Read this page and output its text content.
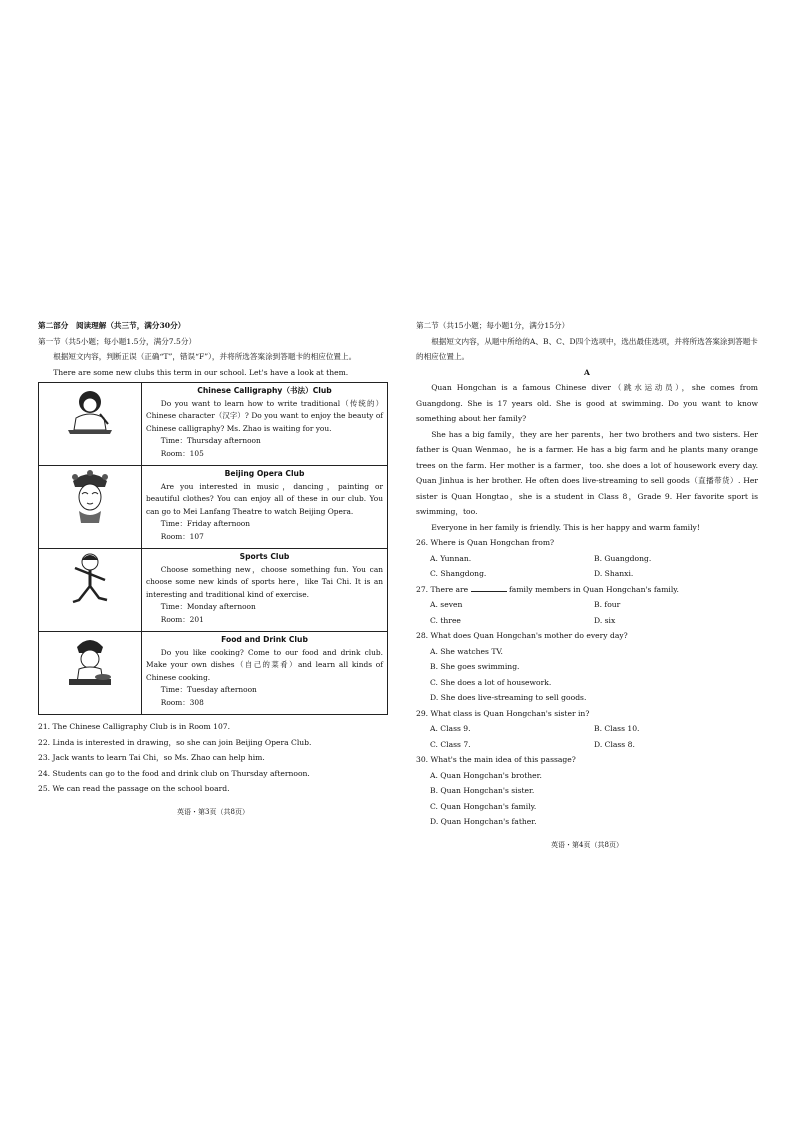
第二部分　阅读理解（共三节，满分30分）
第一节（共5小题；每小题1.5分，满分7.5分）
根据短文内容，判断正误（正确“T”，错误“F”），并将所选答案涂到答题卡的相应位置上。
There are some new clubs this term in our school. Let's have a look at them.

Chinese Calligraphy（书法）Club
Do you want to learn how to write traditional（传统的）Chinese character（汉字）? Do you want to enjoy the beauty of Chinese calligraphy? Ms. Zhao is waiting for you.
Time：Thursday afternoon
Room：105

Beijing Opera Club
Are you interested in music，dancing，painting or beautiful clothes? You can enjoy all of these in our club. You can go to Mei Lanfang Theatre to watch Beijing Opera.
Time：Friday afternoon
Room：107

Sports Club
Choose something new，choose something fun. You can choose some new kinds of sports here，like Tai Chi. It is an interesting and traditional kind of exercise.
Time：Monday afternoon
Room：201

Food and Drink Club
Do you like cooking? Come to our food and drink club. Make your own dishes（自己的菜肴）and learn all kinds of Chinese cooking.
Time：Tuesday afternoon
Room：308
21. The Chinese Calligraphy Club is in Room 107.
22. Linda is interested in drawing，so she can join Beijing Opera Club.
23. Jack wants to learn Tai Chi，so Ms. Zhao can help him.
24. Students can go to the food and drink club on Thursday afternoon.
25. We can read the passage on the school board.
英语・第3页（共8页）
第二节（共15小题；每小题1分，满分15分）
根据短文内容，从题中所给的A、B、C、D四个选项中，选出最佳选项，并将所选答案涂到答题卡的相应位置上。
A
Quan Hongchan is a famous Chinese diver（跳水运动员），she comes from Guangdong. She is 17 years old. She is good at swimming. Do you want to know something about her family?
She has a big family，they are her parents，her two brothers and two sisters. Her father is Quan Wenmao，he is a farmer. He has a big farm and he plants many orange trees on the farm. Her mother is a farmer，too. she does a lot of housework every day. Quan Jinhua is her brother. He often does live-streaming to sell goods（直播带货）. Her sister is Quan Hongtao，she is a student in Class 8，Grade 9. Her favorite sport is swimming，too.
Everyone in her family is friendly. This is her happy and warm family!
26. Where is Quan Hongchan from?
A. Yunnan.	B. Guangdong.
C. Shangdong.	D. Shanxi.
27. There are	family members in Quan Hongchan's family.
A. seven	B. four
C. three	D. six
28. What does Quan Hongchan's mother do every day?
A. She watches TV.
B. She goes swimming.
C. She does a lot of housework.
D. She does live-streaming to sell goods.
29. What class is Quan Hongchan's sister in?
A. Class 9.	B. Class 10.
C. Class 7.	D. Class 8.
30. What's the main idea of this passage?
A. Quan Hongchan's brother.
B. Quan Hongchan's sister.
C. Quan Hongchan's family.
D. Quan Hongchan's father.
英语・第4页（共8页）
